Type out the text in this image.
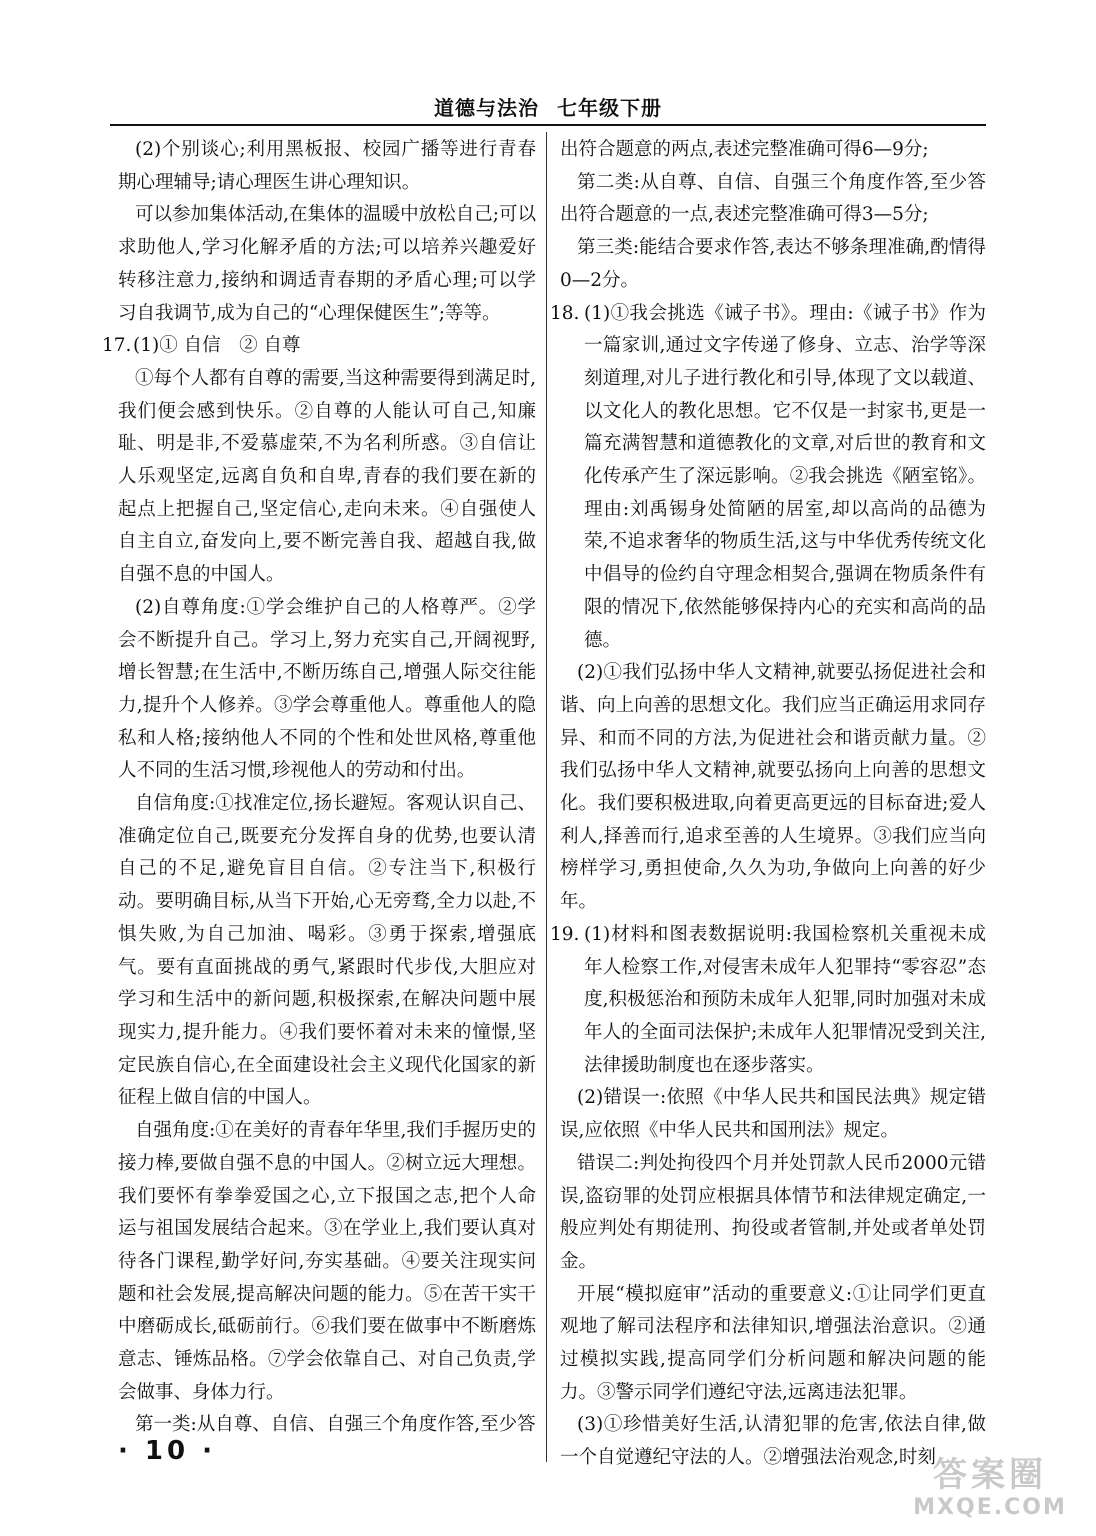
道德与法治 七年级下册

(2)个别谈心;利用黑板报、校园广播等进行青春期心理辅导;请心理医生讲心理知识。

可以参加集体活动,在集体的温暖中放松自己;可以求助他人,学习化解矛盾的方法;可以培养兴趣爱好转移注意力,接纳和调适青春期的矛盾心理;可以学习自我调节,成为自己的“心理保健医生”;等等。

17. (1)① 自信　② 自尊

①每个人都有自尊的需要,当这种需要得到满足时,我们便会感到快乐。②自尊的人能认可自己,知廉耻、明是非,不爱慕虚荣,不为名利所惑。③自信让人乐观坚定,远离自负和自卑,青春的我们要在新的起点上把握自己,坚定信心,走向未来。④自强使人自主自立,奋发向上,要不断完善自我、超越自我,做自强不息的中国人。

(2)自尊角度:①学会维护自己的人格尊严。②学会不断提升自己。学习上,努力充实自己,开阔视野,增长智慧;在生活中,不断历练自己,增强人际交往能力,提升个人修养。③学会尊重他人。尊重他人的隐私和人格;接纳他人不同的个性和处世风格,尊重他人不同的生活习惯,珍视他人的劳动和付出。

自信角度:①找准定位,扬长避短。客观认识自己、准确定位自己,既要充分发挥自身的优势,也要认清自己的不足,避免盲目自信。②专注当下,积极行动。要明确目标,从当下开始,心无旁骛,全力以赴,不惧失败,为自己加油、喝彩。③勇于探索,增强底气。要有直面挑战的勇气,紧跟时代步伐,大胆应对学习和生活中的新问题,积极探索,在解决问题中展现实力,提升能力。④我们要怀着对未来的憧憬,坚定民族自信心,在全面建设社会主义现代化国家的新征程上做自信的中国人。

自强角度:①在美好的青春年华里,我们手握历史的接力棒,要做自强不息的中国人。②树立远大理想。我们要怀有拳拳爱国之心,立下报国之志,把个人命运与祖国发展结合起来。③在学业上,我们要认真对待各门课程,勤学好问,夯实基础。④要关注现实问题和社会发展,提高解决问题的能力。⑤在苦干实干中磨砺成长,砥砺前行。⑥我们要在做事中不断磨炼意志、锤炼品格。⑦学会依靠自己、对自己负责,学会做事、身体力行。

第一类:从自尊、自信、自强三个角度作答,至少答

出符合题意的两点,表述完整准确可得6—9分;

第二类:从自尊、自信、自强三个角度作答,至少答出符合题意的一点,表述完整准确可得3—5分;

第三类:能结合要求作答,表达不够条理准确,酌情得0—2分。

18. (1)①我会挑选《诫子书》。理由:《诫子书》作为一篇家训,通过文字传递了修身、立志、治学等深刻道理,对儿子进行教化和引导,体现了文以载道、以文化人的教化思想。它不仅是一封家书,更是一篇充满智慧和道德教化的文章,对后世的教育和文化传承产生了深远影响。②我会挑选《陋室铭》。理由:刘禹锡身处简陋的居室,却以高尚的品德为荣,不追求奢华的物质生活,这与中华优秀传统文化中倡导的俭约自守理念相契合,强调在物质条件有限的情况下,依然能够保持内心的充实和高尚的品德。

(2)①我们弘扬中华人文精神,就要弘扬促进社会和谐、向上向善的思想文化。我们应当正确运用求同存异、和而不同的方法,为促进社会和谐贡献力量。②我们弘扬中华人文精神,就要弘扬向上向善的思想文化。我们要积极进取,向着更高更远的目标奋进;爱人利人,择善而行,追求至善的人生境界。③我们应当向榜样学习,勇担使命,久久为功,争做向上向善的好少年。

19. (1)材料和图表数据说明:我国检察机关重视未成年人检察工作,对侵害未成年人犯罪持“零容忍”态度,积极惩治和预防未成年人犯罪,同时加强对未成年人的全面司法保护;未成年人犯罪情况受到关注,法律援助制度也在逐步落实。

(2)错误一:依照《中华人民共和国民法典》规定错误,应依照《中华人民共和国刑法》规定。

错误二:判处拘役四个月并处罚款人民币2000元错误,盗窃罪的处罚应根据具体情节和法律规定确定,一般应判处有期徒刑、拘役或者管制,并处或者单处罚金。

开展“模拟庭审”活动的重要意义:①让同学们更直观地了解司法程序和法律知识,增强法治意识。②通过模拟实践,提高同学们分析问题和解决问题的能力。③警示同学们遵纪守法,远离违法犯罪。

(3)①珍惜美好生活,认清犯罪的危害,依法自律,做一个自觉遵纪守法的人。②增强法治观念,时刻

· 10 ·
答案圈
MXQE.COM
